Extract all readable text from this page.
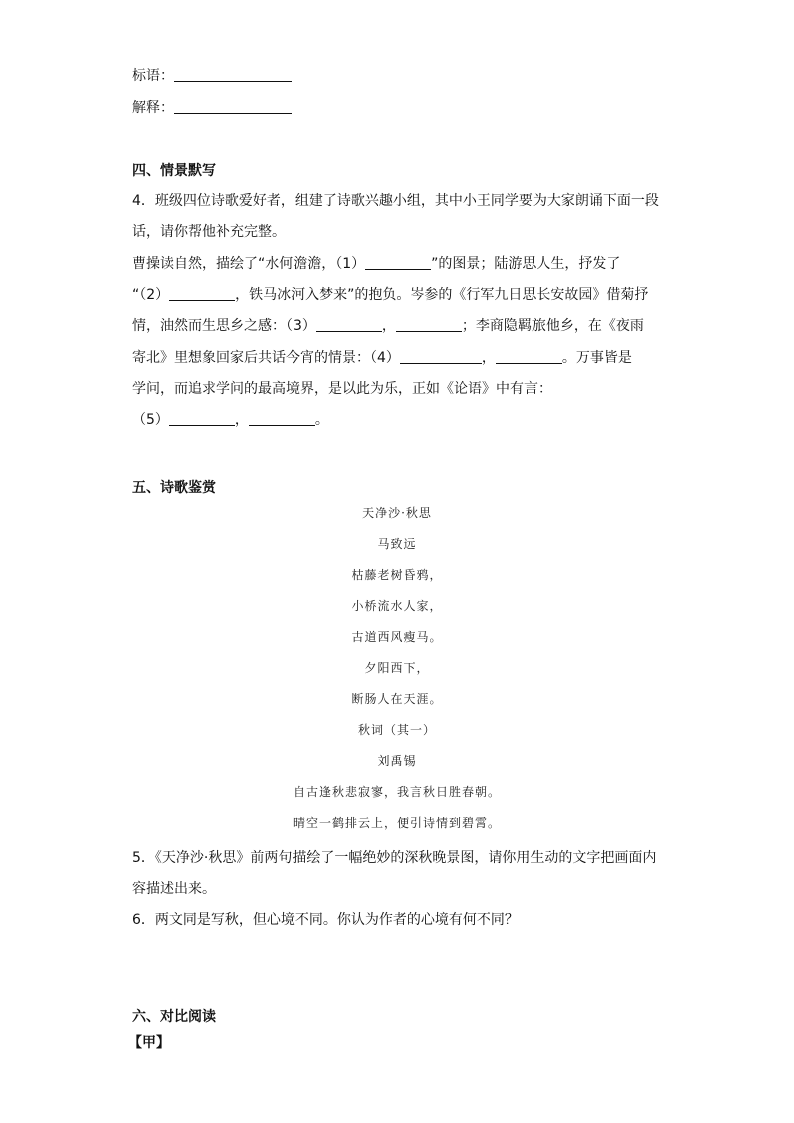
标语：
解释：
四、情景默写
4．班级四位诗歌爱好者，组建了诗歌兴趣小组，其中小王同学要为大家朗诵下面一段
话，请你帮他补充完整。
曹操读自然，描绘了“水何澹澹，（1）	”的图景；陆游思人生，抒发了
“（2）	，铁马冰河入梦来”的抱负。岑参的《行军九日思长安故园》借菊抒
情，油然而生思乡之感：（3）	，	；李商隐羁旅他乡，在《夜雨
寄北》里想象回家后共话今宵的情景：（4）	，	。万事皆是
学问，而追求学问的最高境界，是以此为乐，正如《论语》中有言：
（5）	，	。
五、诗歌鉴赏
天净沙·秋思
马致远
枯藤老树昏鸦，
小桥流水人家，
古道西风瘦马。
夕阳西下，
断肠人在天涯。
秋词（其一）
刘禹锡
自古逢秋悲寂寥，我言秋日胜春朝。
晴空一鹤排云上，便引诗情到碧霄。
5．《天净沙·秋思》前两句描绘了一幅绝妙的深秋晚景图，请你用生动的文字把画面内
容描述出来。
6．两文同是写秋，但心境不同。你认为作者的心境有何不同？
六、对比阅读
【甲】
